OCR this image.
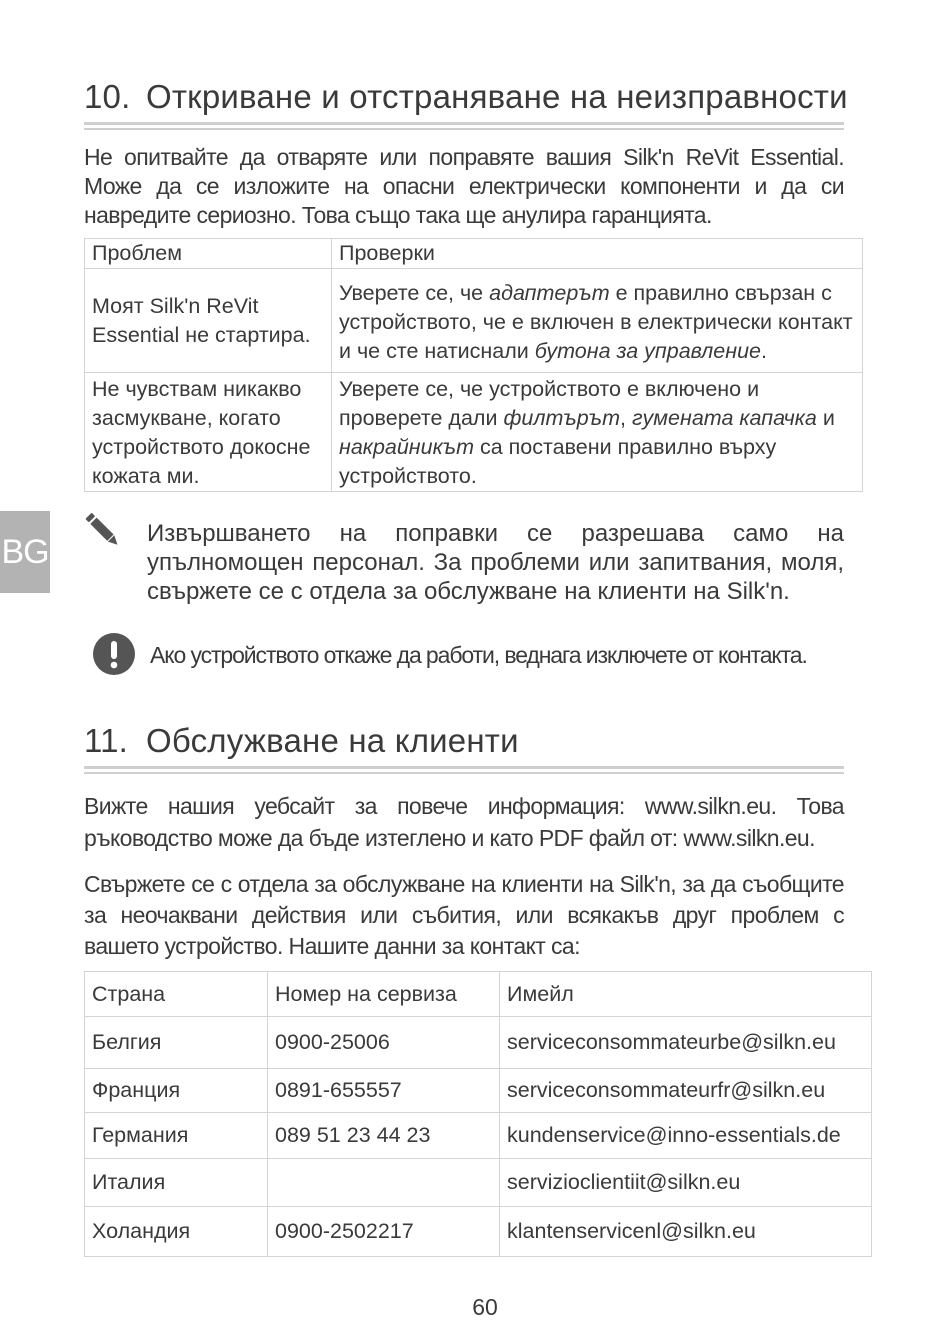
BG
10. Откриване и отстраняване на неизправности
Не опитвайте да отваряте или поправяте вашия Silk'n ReVit Essential. Може да се изложите на опасни електрически компоненти и да си навредите сериозно. Това също така ще анулира гаранцията.
Проблем	Проверки
Моят Silk'n ReVit Essential не стартира.	Уверете се, че адаптерът е правилно свързан с устройството, че е включен в електрически контакт и че сте натиснали бутона за управление.
Не чувствам никакво засмукване, когато устройството докосне кожата ми.	Уверете се, че устройството е включено и проверете дали филтърът, гумената капачка и накрайникът са поставени правилно върху устройството.
Извършването на поправки се разрешава само на упълномощен персонал. За проблеми или запитвания, моля, свържете се с отдела за обслужване на клиенти на Silk'n.
Ако устройството откаже да работи, веднага изключете от контакта.
11. Обслужване на клиенти
Вижте нашия уебсайт за повече информация: www.silkn.eu. Това ръководство може да бъде изтеглено и като PDF файл от: www.silkn.eu.
Свържете се с отдела за обслужване на клиенти на Silk'n, за да съобщите за неочаквани действия или събития, или всякакъв друг проблем с вашето устройство. Нашите данни за контакт са:
Страна	Номер на сервиза	Имейл
Белгия	0900-25006	serviceconsommateurbe@silkn.eu
Франция	0891-655557	serviceconsommateurfr@silkn.eu
Германия	089 51 23 44 23	kundenservice@inno-essentials.de
Италия		servizioclientiit@silkn.eu
Холандия	0900-2502217	klantenservicenl@silkn.eu
60
